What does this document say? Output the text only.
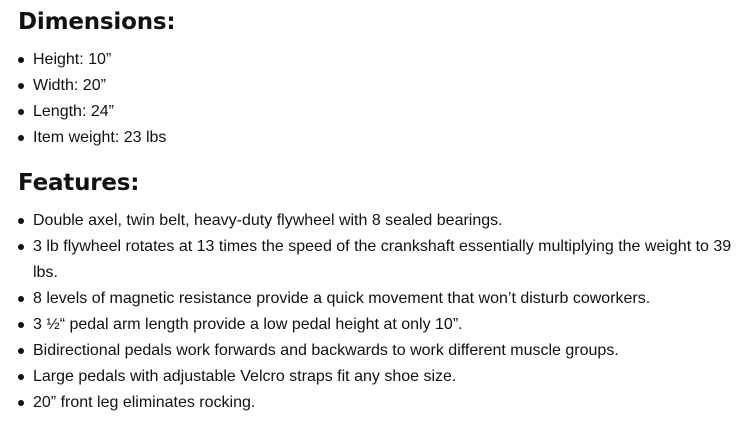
Dimensions:
Height: 10”
Width: 20”
Length: 24”
Item weight: 23 lbs
Features:
Double axel, twin belt, heavy-duty flywheel with 8 sealed bearings.
3 lb flywheel rotates at 13 times the speed of the crankshaft essentially multiplying the weight to 39 lbs.
8 levels of magnetic resistance provide a quick movement that won’t disturb coworkers.
3 ½“ pedal arm length provide a low pedal height at only 10”.
Bidirectional pedals work forwards and backwards to work different muscle groups.
Large pedals with adjustable Velcro straps fit any shoe size.
20” front leg eliminates rocking.
